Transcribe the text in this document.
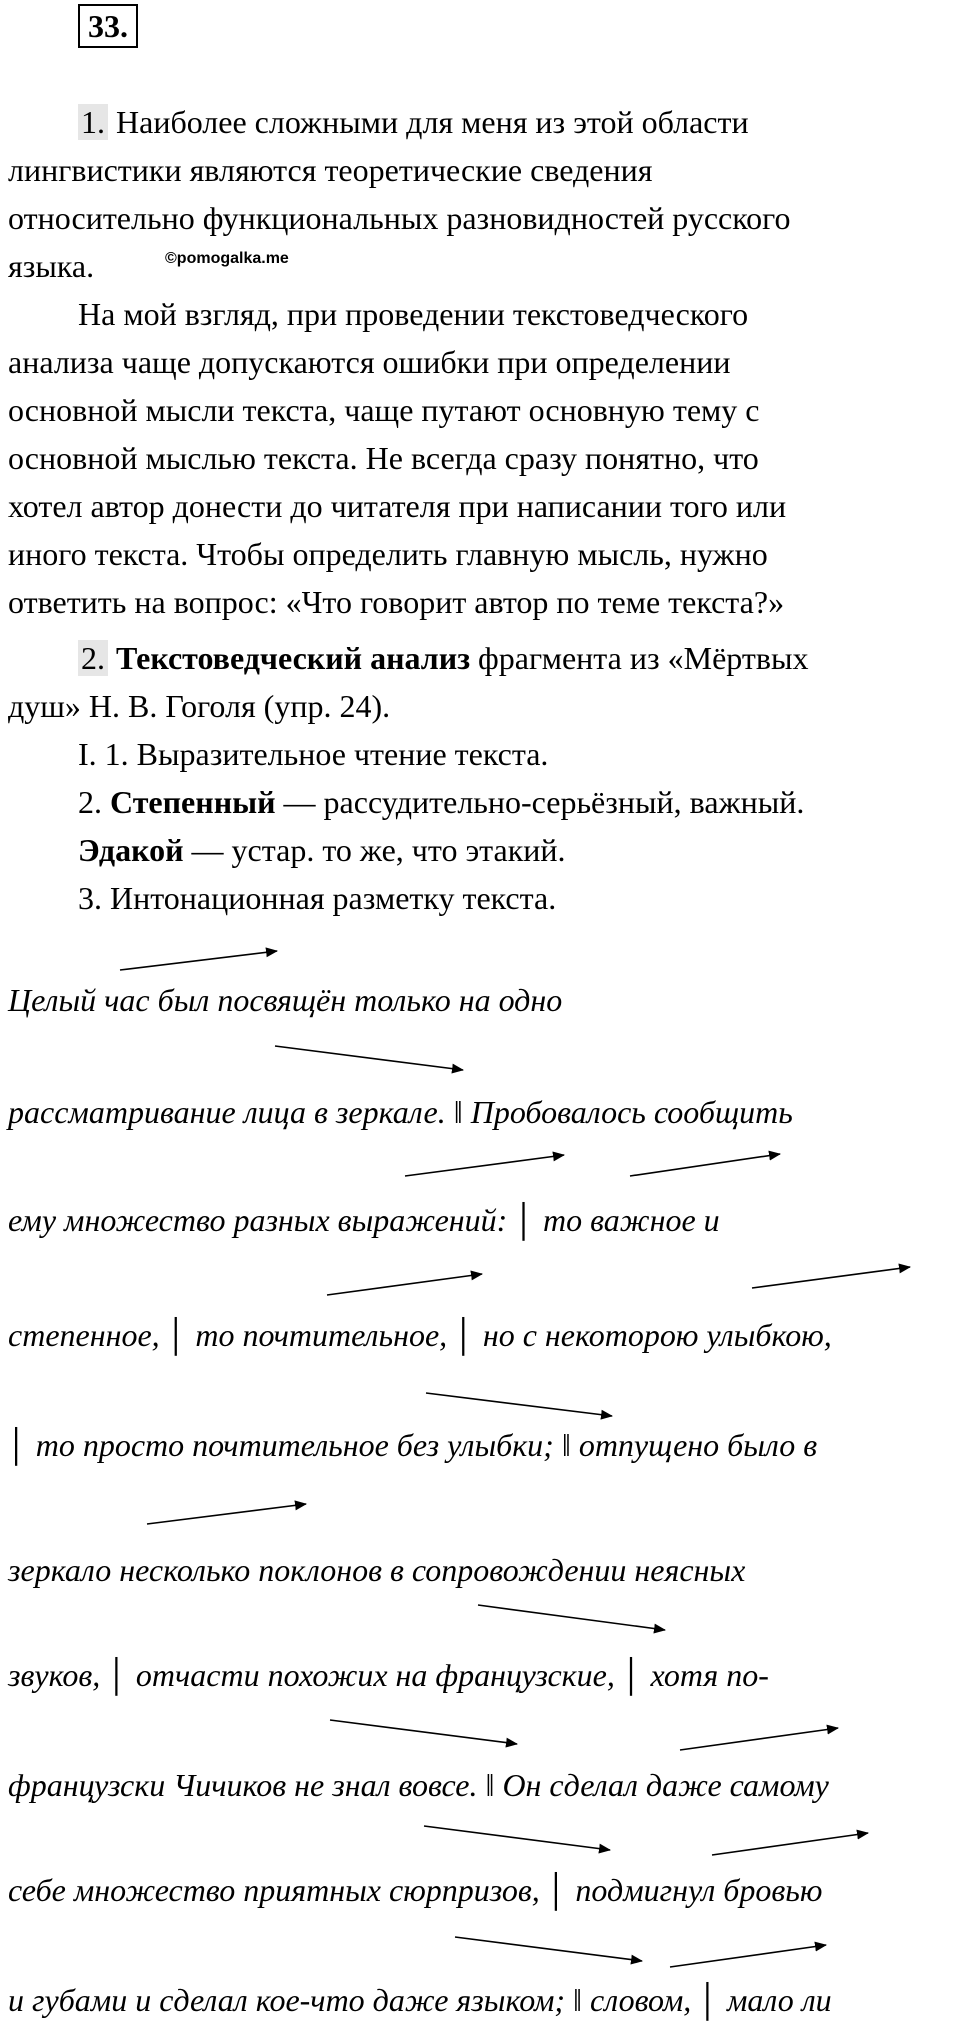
33.
1. Наиболее сложными для меня из этой области
лингвистики являются теоретические сведения
относительно функциональных разновидностей русского
языка.	©pomogalka.me
На мой взгляд, при проведении текстоведческого
анализа чаще допускаются ошибки при определении
основной мысли текста, чаще путают основную тему с
основной мыслью текста. Не всегда сразу понятно, что
хотел автор донести до читателя при написании того или
иного текста. Чтобы определить главную мысль, нужно
ответить на вопрос: «Что говорит автор по теме текста?»
2. Текстоведческий анализ фрагмента из «Мёртвых
душ» Н. В. Гоголя (упр. 24).
I. 1. Выразительное чтение текста.
2. Степенный — рассудительно-серьёзный, важный.
Эдакой — устар. то же, что этакий.
3. Интонационная разметку текста.
Целый час был посвящён только на одно
рассматривание лица в зеркале. ‖ Пробовалось сообщить
ему множество разных выражений: │ то важное и
степенное, │ то почтительное, │ но с некоторою улыбкою,
│ то просто почтительное без улыбки; ‖ отпущено было в
зеркало несколько поклонов в сопровождении неясных
звуков, │ отчасти похожих на французские, │ хотя по-
французски Чичиков не знал вовсе. ‖ Он сделал даже самому
себе множество приятных сюрпризов, │ подмигнул бровью
и губами и сделал кое-что даже языком; ‖ словом, │ мало ли
